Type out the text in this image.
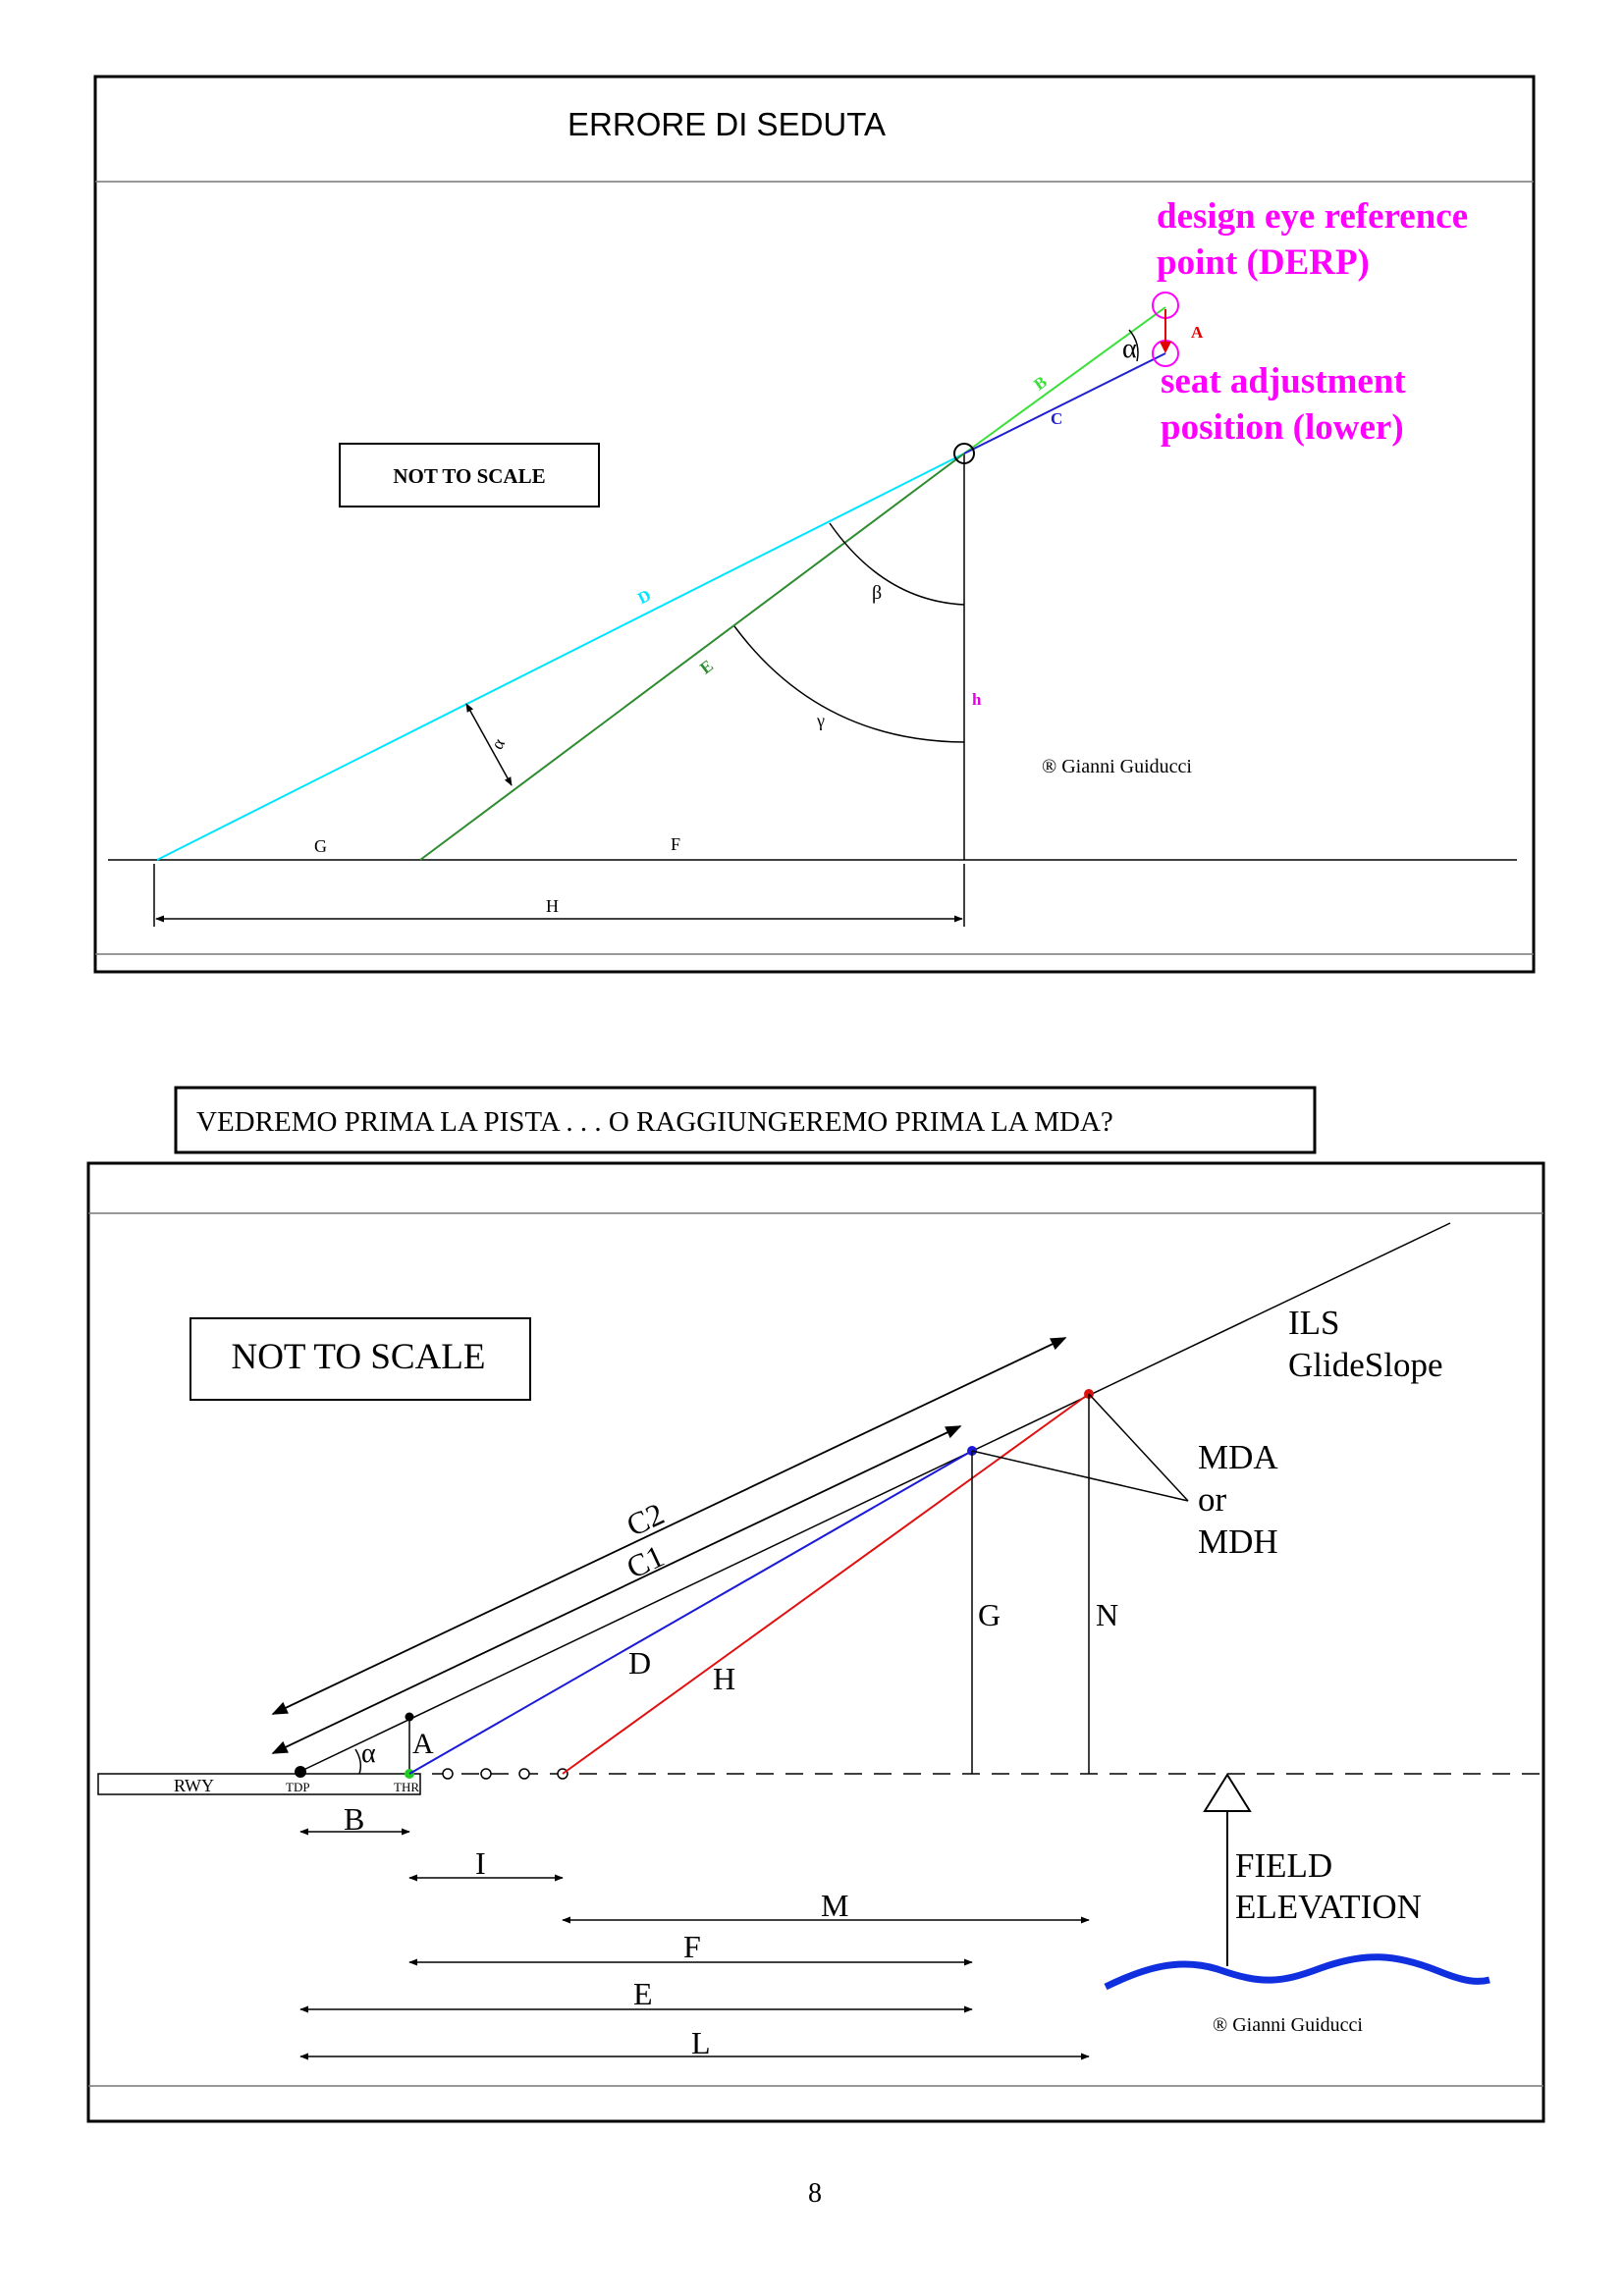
ERRORE DI SEDUTA
NOT TO SCALE
A
α
B
C
D
E
β
γ
h
α
G	F
H
design eye reference
point (DERP)
seat adjustment
position (lower)
® Gianni Guiducci
VEDREMO PRIMA LA PISTA . . . O RAGGIUNGEREMO PRIMA LA MDA?
NOT TO SCALE
RWY	TDP	THR
C2
C1
A
α
D H
G	N
MDA
or
MDH
ILS
GlideSlope
FIELD
ELEVATION
B
I
M
F
E
L	® Gianni Guiducci
8
